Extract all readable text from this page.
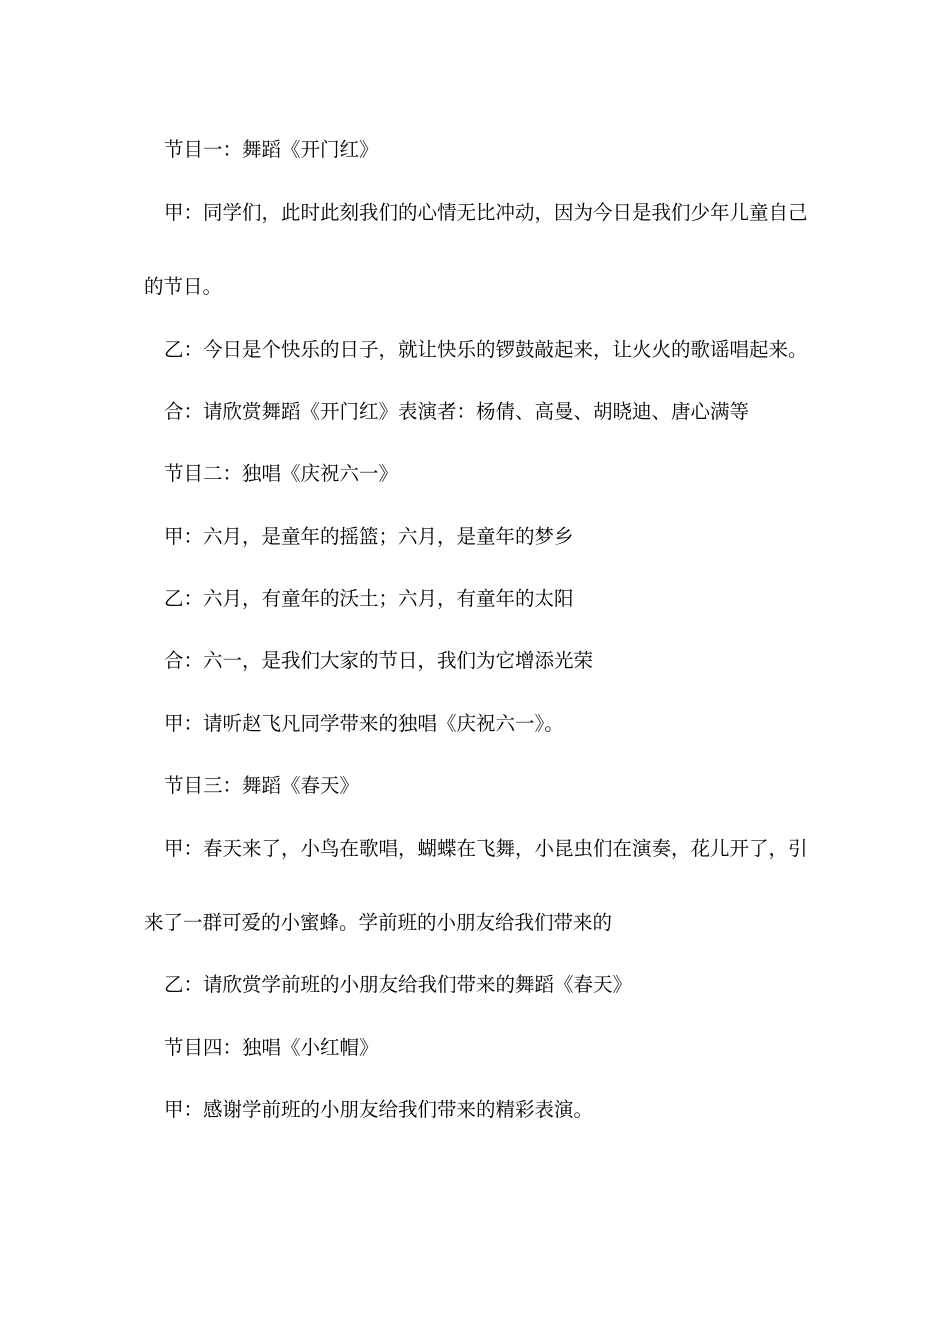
节目一：舞蹈《开门红》
甲：同学们，此时此刻我们的心情无比冲动，因为今日是我们少年儿童自己
的节日。
乙：今日是个快乐的日子，就让快乐的锣鼓敲起来，让火火的歌谣唱起来。
合：请欣赏舞蹈《开门红》表演者：杨倩、高曼、胡晓迪、唐心满等
节目二：独唱《庆祝六一》
甲：六月，是童年的摇篮；六月，是童年的梦乡
乙：六月，有童年的沃土；六月，有童年的太阳
合：六一，是我们大家的节日，我们为它增添光荣
甲：请听赵飞凡同学带来的独唱《庆祝六一》。
节目三：舞蹈《春天》
甲：春天来了，小鸟在歌唱，蝴蝶在飞舞，小昆虫们在演奏，花儿开了，引
来了一群可爱的小蜜蜂。学前班的小朋友给我们带来的
乙：请欣赏学前班的小朋友给我们带来的舞蹈《春天》
节目四：独唱《小红帽》
甲：感谢学前班的小朋友给我们带来的精彩表演。
